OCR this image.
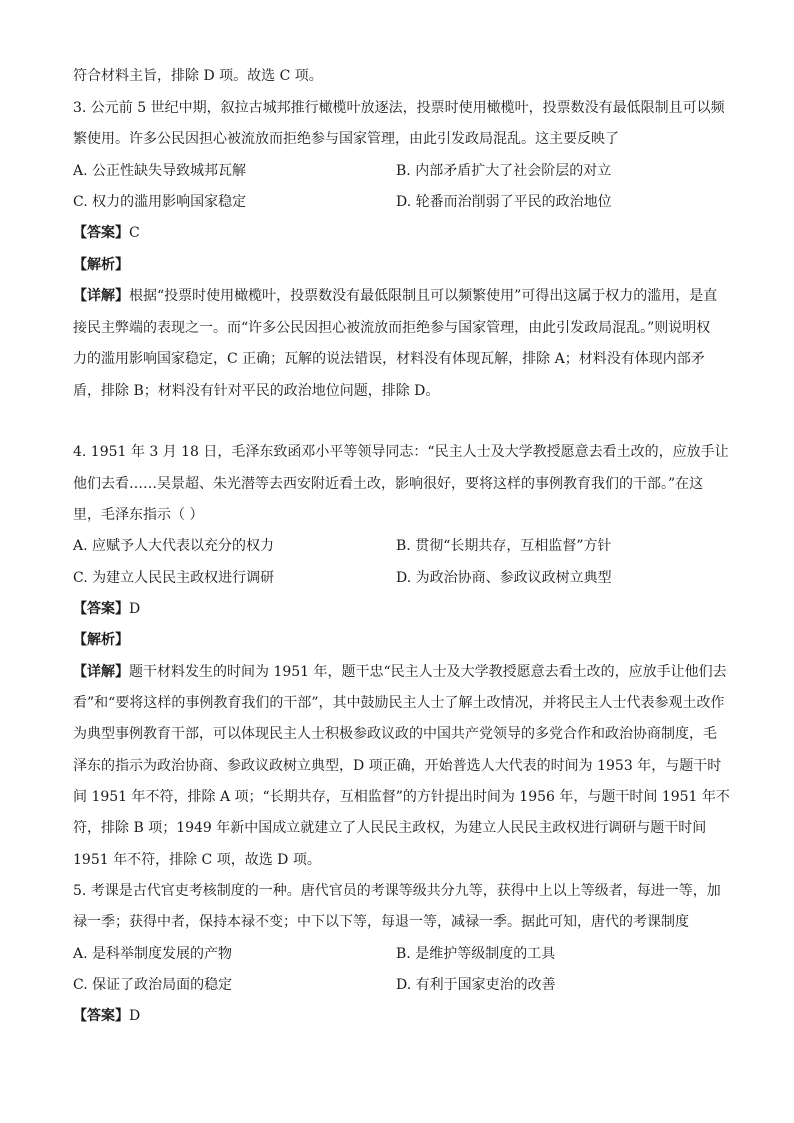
符合材料主旨，排除 D 项。故选 C 项。
3. 公元前 5 世纪中期，叙拉古城邦推行橄榄叶放逐法，投票时使用橄榄叶，投票数没有最低限制且可以频
繁使用。许多公民因担心被流放而拒绝参与国家管理，由此引发政局混乱。这主要反映了
A. 公正性缺失导致城邦瓦解	B. 内部矛盾扩大了社会阶层的对立
C. 权力的滥用影响国家稳定	D. 轮番而治削弱了平民的政治地位
【答案】C
【解析】
【详解】根据“投票时使用橄榄叶，投票数没有最低限制且可以频繁使用”可得出这属于权力的滥用，是直
接民主弊端的表现之一。而“许多公民因担心被流放而拒绝参与国家管理，由此引发政局混乱。”则说明权
力的滥用影响国家稳定，C 正确；瓦解的说法错误，材料没有体现瓦解，排除 A；材料没有体现内部矛
盾，排除 B；材料没有针对平民的政治地位问题，排除 D。
4. 1951 年 3 月 18 日，毛泽东致函邓小平等领导同志：“民主人士及大学教授愿意去看土改的，应放手让
他们去看……吴景超、朱光潜等去西安附近看土改，影响很好，要将这样的事例教育我们的干部。”在这
里，毛泽东指示（ ）
A. 应赋予人大代表以充分的权力	B. 贯彻“长期共存，互相监督”方针
C. 为建立人民民主政权进行调研	D. 为政治协商、参政议政树立典型
【答案】D
【解析】
【详解】题干材料发生的时间为 1951 年，题干忠“民主人士及大学教授愿意去看土改的，应放手让他们去
看”和“要将这样的事例教育我们的干部”，其中鼓励民主人士了解土改情况，并将民主人士代表参观土改作
为典型事例教育干部，可以体现民主人士积极参政议政的中国共产党领导的多党合作和政治协商制度，毛
泽东的指示为政治协商、参政议政树立典型，D 项正确，开始普选人大代表的时间为 1953 年，与题干时
间 1951 年不符，排除 A 项；“长期共存，互相监督”的方针提出时间为 1956 年，与题干时间 1951 年不
符，排除 B 项；1949 年新中国成立就建立了人民民主政权，为建立人民民主政权进行调研与题干时间
1951 年不符，排除 C 项，故选 D 项。
5. 考课是古代官吏考核制度的一种。唐代官员的考课等级共分九等，获得中上以上等级者，每进一等，加
禄一季；获得中者，保持本禄不变；中下以下等，每退一等，减禄一季。据此可知，唐代的考课制度
A. 是科举制度发展的产物	B. 是维护等级制度的工具
C. 保证了政治局面的稳定	D. 有利于国家吏治的改善
【答案】D
